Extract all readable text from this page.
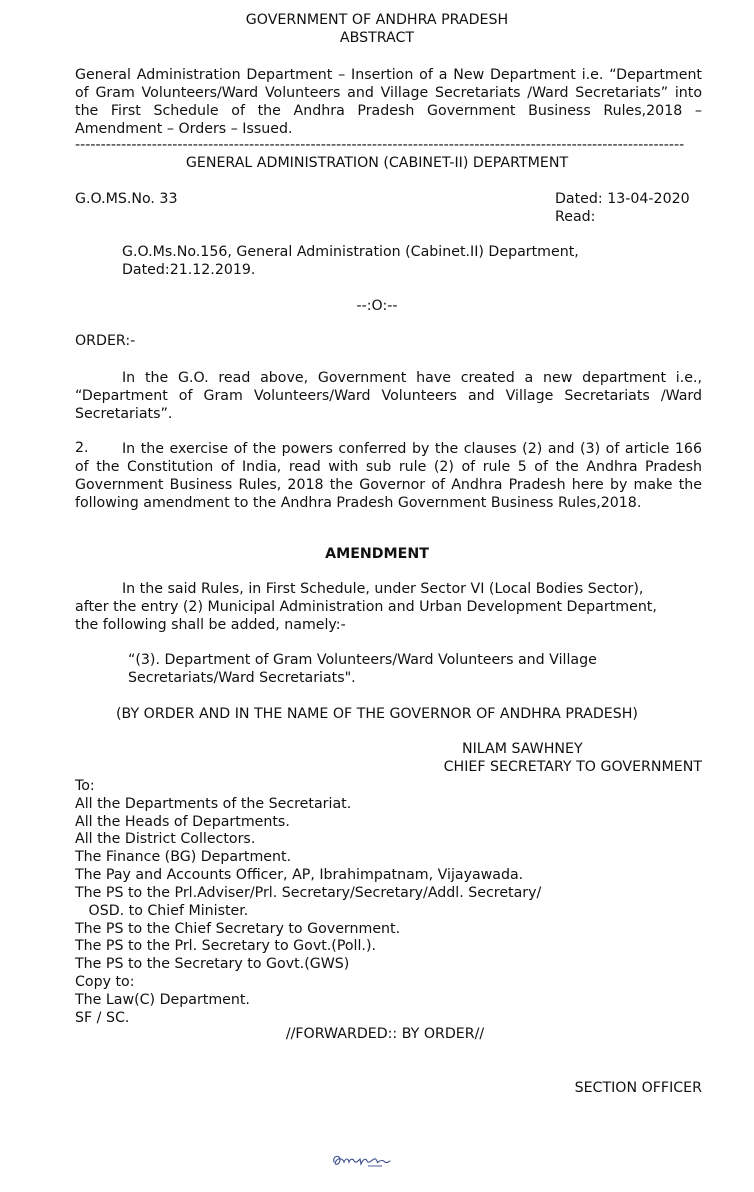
GOVERNMENT OF ANDHRA PRADESH
ABSTRACT
General Administration Department – Insertion of a New Department i.e. “Department of Gram Volunteers/Ward Volunteers and Village Secretariats /Ward Secretariats” into the First Schedule of the Andhra Pradesh Government Business Rules,2018 – Amendment – Orders – Issued.
-----------------------------------------------------------------------------------------------------------------------
GENERAL ADMINISTRATION (CABINET-II) DEPARTMENT
G.O.MS.No. 33	Dated: 13-04-2020
Read:
G.O.Ms.No.156, General Administration (Cabinet.II) Department,
Dated:21.12.2019.
--:O:--
ORDER:-
In the G.O. read above, Government have created a new department i.e., “Department of Gram Volunteers/Ward Volunteers and Village Secretariats /Ward Secretariats”.
2.	In the exercise of the powers conferred by the clauses (2) and (3) of article 166 of the Constitution of India, read with sub rule (2) of rule 5 of the Andhra Pradesh Government Business Rules, 2018 the Governor of Andhra Pradesh here by make the following amendment to the Andhra Pradesh Government Business Rules,2018.
AMENDMENT
In the said Rules, in First Schedule, under Sector VI (Local Bodies Sector),
after the entry (2) Municipal Administration and Urban Development Department,
the following shall be added, namely:-
“(3). Department of Gram Volunteers/Ward Volunteers and Village
Secretariats/Ward Secretariats".
(BY ORDER AND IN THE NAME OF THE GOVERNOR OF ANDHRA PRADESH)
NILAM SAWHNEY
CHIEF SECRETARY TO GOVERNMENT
To:
All the Departments of the Secretariat.
All the Heads of Departments.
All the District Collectors.
The Finance (BG) Department.
The Pay and Accounts Officer, AP, Ibrahimpatnam, Vijayawada.
The PS to the Prl.Adviser/Prl. Secretary/Secretary/Addl. Secretary/
OSD. to Chief Minister.
The PS to the Chief Secretary to Government.
The PS to the Prl. Secretary to Govt.(Poll.).
The PS to the Secretary to Govt.(GWS)
Copy to:
The Law(C) Department.
SF / SC.
//FORWARDED:: BY ORDER//
SECTION OFFICER
